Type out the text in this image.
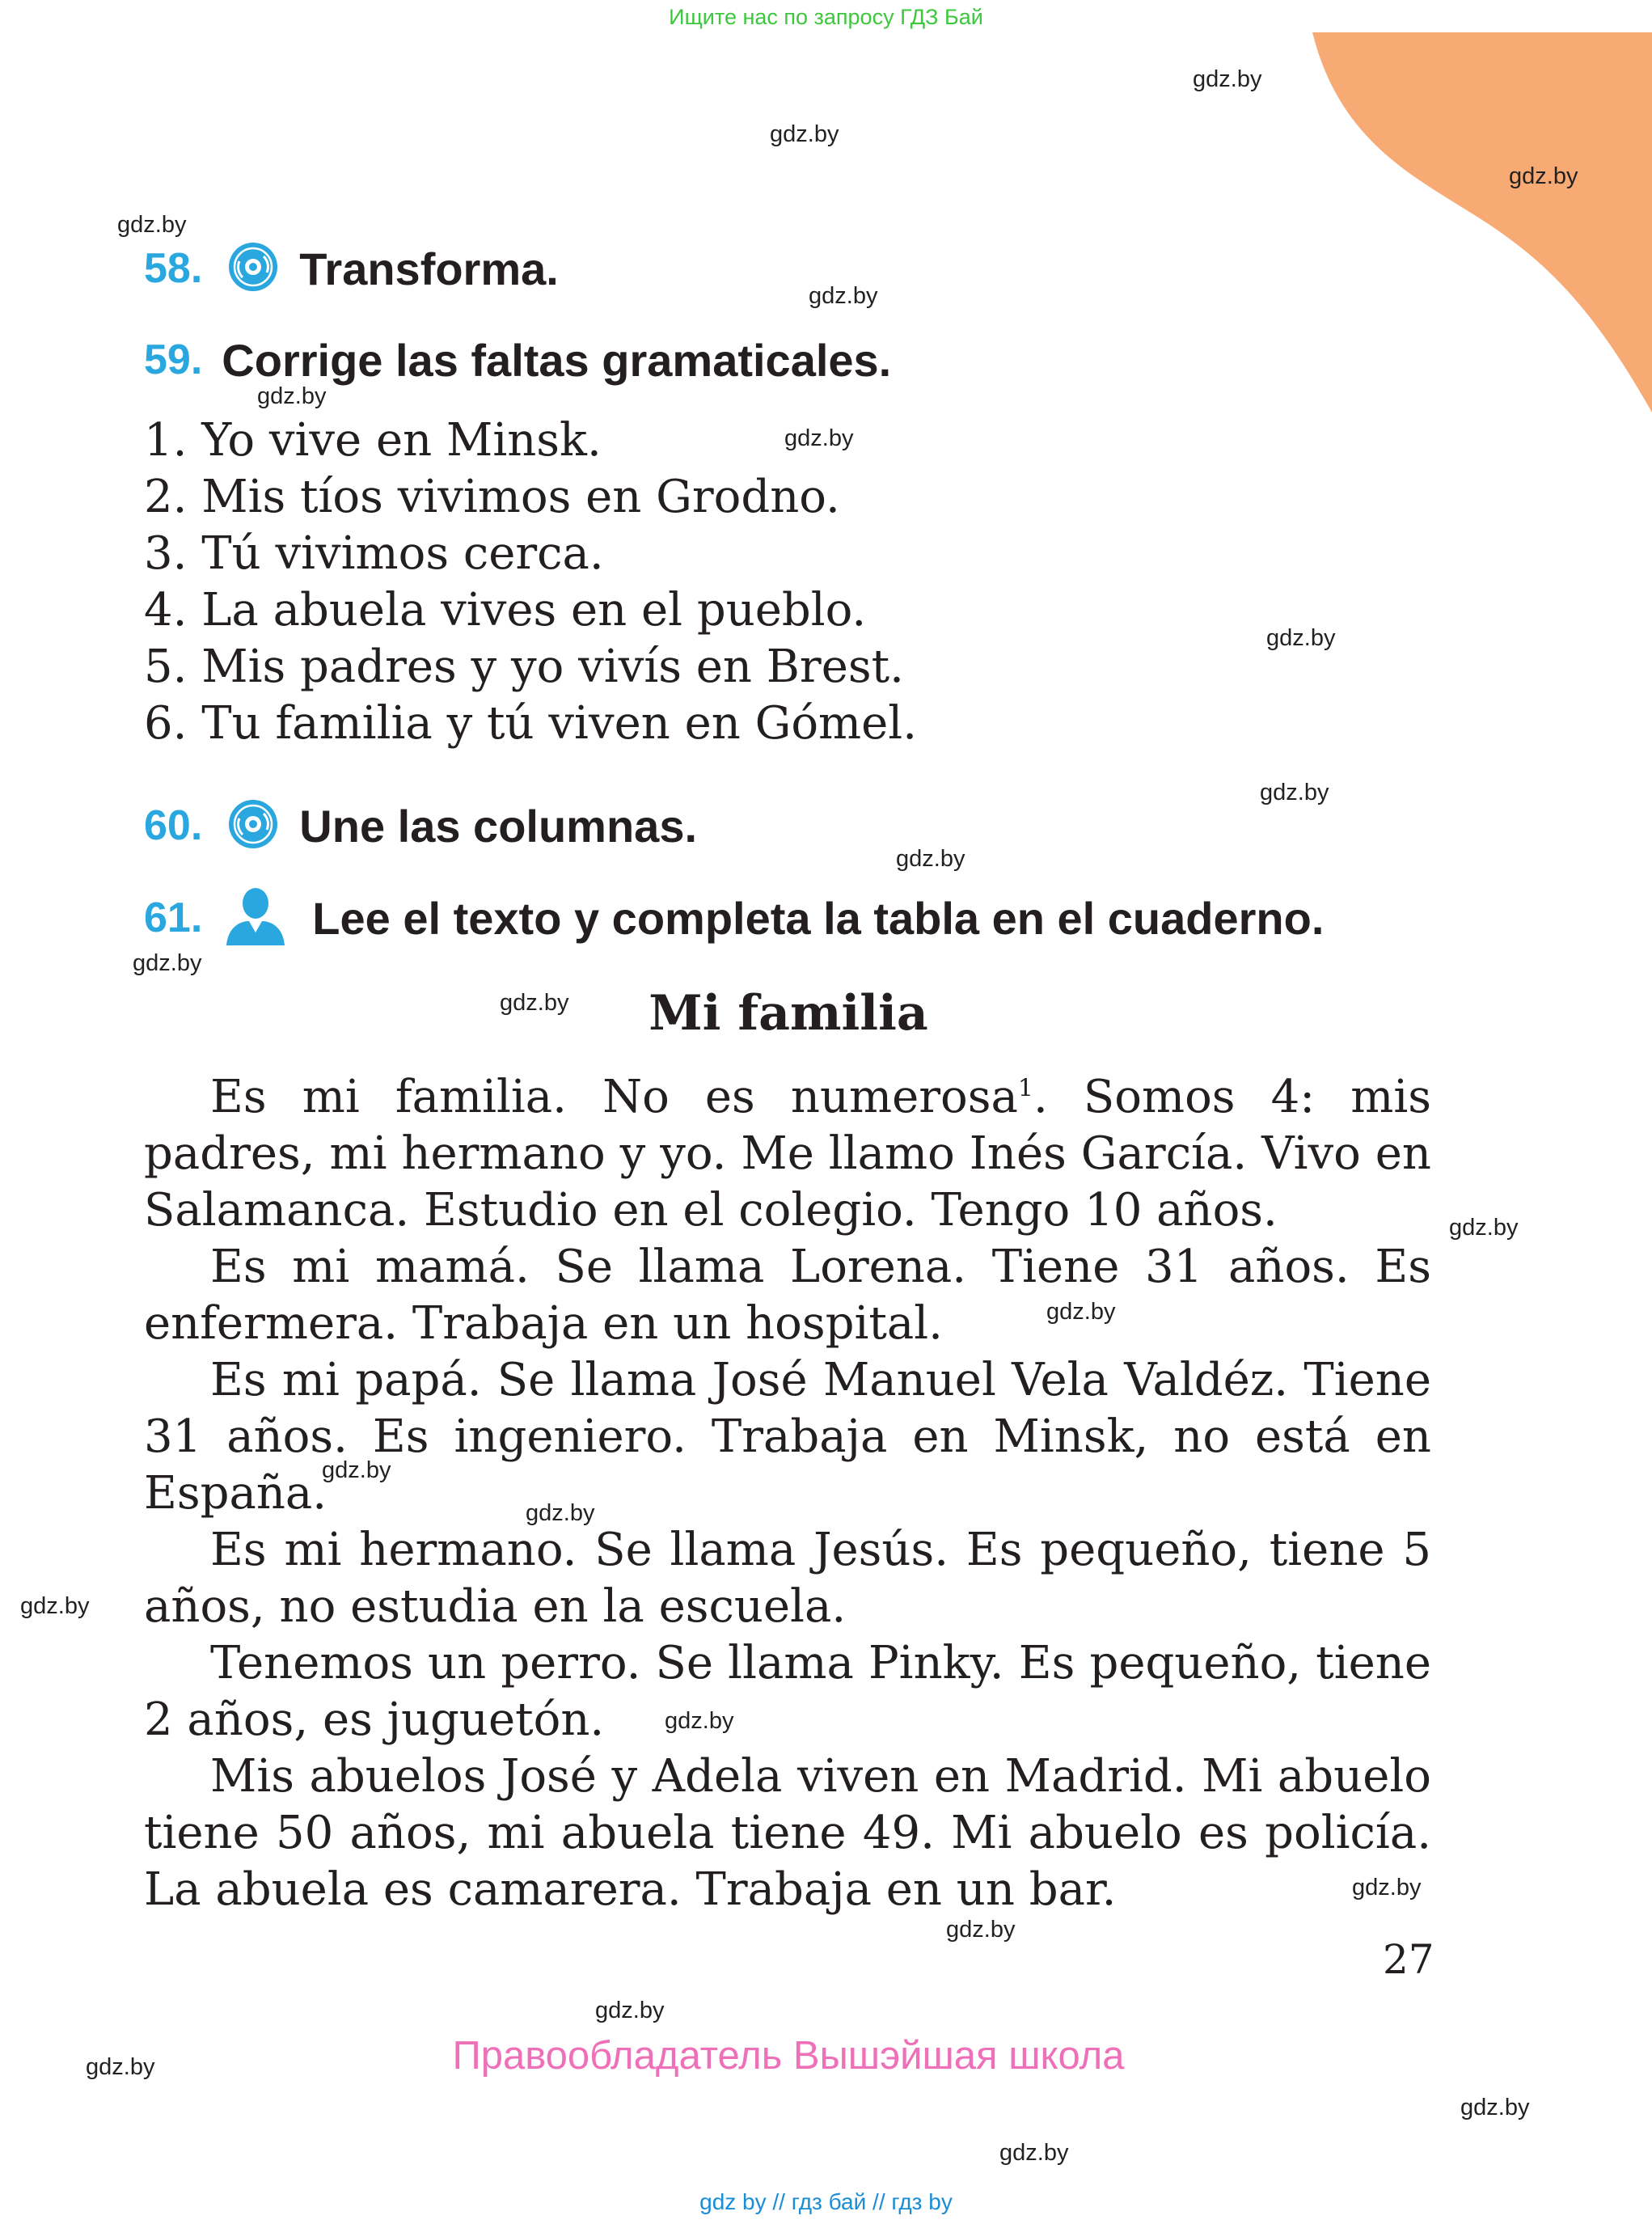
Ищите нас по запросу ГДЗ Бай
gdz.by
gdz.by
gdz.by
gdz.by
gdz.by
gdz.by
gdz.by
gdz.by
gdz.by
gdz.by
gdz.by
gdz.by
gdz.by
gdz.by
gdz.by
gdz.by
gdz.by
gdz.by
gdz.by
gdz.by
gdz.by
gdz.by
gdz.by
gdz.by
58. Transforma.
59. Corrige las faltas gramaticales.
1. Yo vive en Minsk.
2. Mis tíos vivimos en Grodno.
3. Tú vivimos cerca.
4. La abuela vives en el pueblo.
5. Mis padres y yo vivís en Brest.
6. Tu familia y tú viven en Gómel.
60. Une las columnas.
61. Lee el texto y completa la tabla en el cuaderno.
Mi familia

Es mi familia. No es numerosa$^1$. Somos 4: mis padres, mi hermano y yo. Me llamo Inés García. Vivo en Salamanca. Estudio en el colegio. Tengo 10 años.

Es mi mamá. Se llama Lorena. Tiene 31 años. Es enfermera. Trabaja en un hospital.

Es mi papá. Se llama José Manuel Vela Valdéz. Tiene 31 años. Es ingeniero. Trabaja en Minsk, no está en España.

Es mi hermano. Se llama Jesús. Es pequeño, tiene 5 años, no estudia en la escuela.

Tenemos un perro. Se llama Pinky. Es pequeño, tiene 2 años, es juguetón.

Mis abuelos José y Adela viven en Madrid. Mi abuelo tiene 50 años, mi abuela tiene 49. Mi abuelo es policía. La abuela es camarera. Trabaja en un bar.

27
Правообладатель Вышэйшая школа
gdz by // гдз бай // гдз by
